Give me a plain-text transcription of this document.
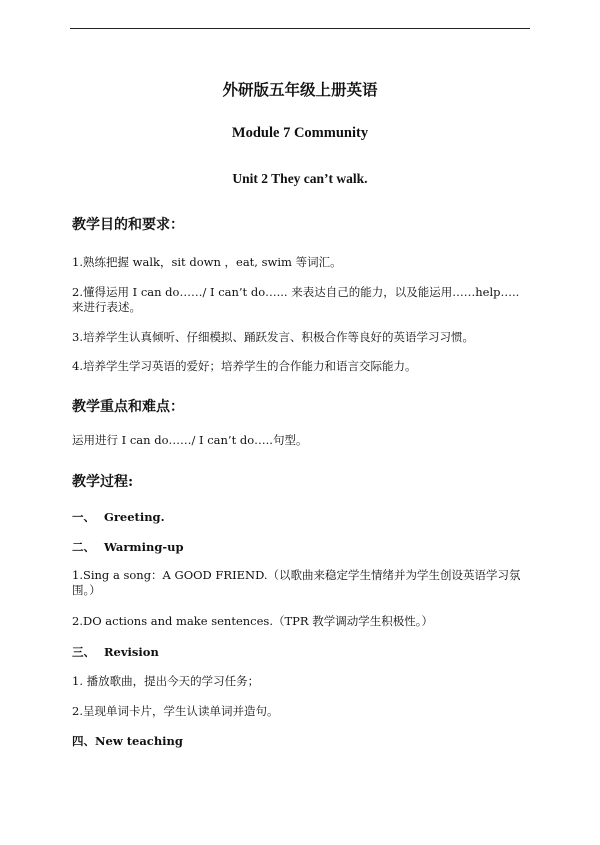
外研版五年级上册英语
Module 7 Community
Unit 2 They can’t walk.
教学目的和要求：
1.熟练把握 walk，sit down ，eat, swim 等词汇。
2.懂得运用 I can do……/ I can’t do…... 来表达自己的能力，以及能运用……help….. 来进行表述。
3.培养学生认真倾听、仔细模拟、踊跃发言、积极合作等良好的英语学习习惯。
4.培养学生学习英语的爱好；培养学生的合作能力和语言交际能力。
教学重点和难点：
运用进行 I can do……/ I can’t do…..句型。
教学过程:
一、 Greeting.
二、 Warming-up
1.Sing a song：A GOOD FRIEND.（以歌曲来稳定学生情绪并为学生创设英语学习氛围。）
2.DO actions and make sentences.（TPR 教学调动学生积极性。）
三、 Revision
1. 播放歌曲，提出今天的学习任务；
2.呈现单词卡片，学生认读单词并造句。
四、New teaching
